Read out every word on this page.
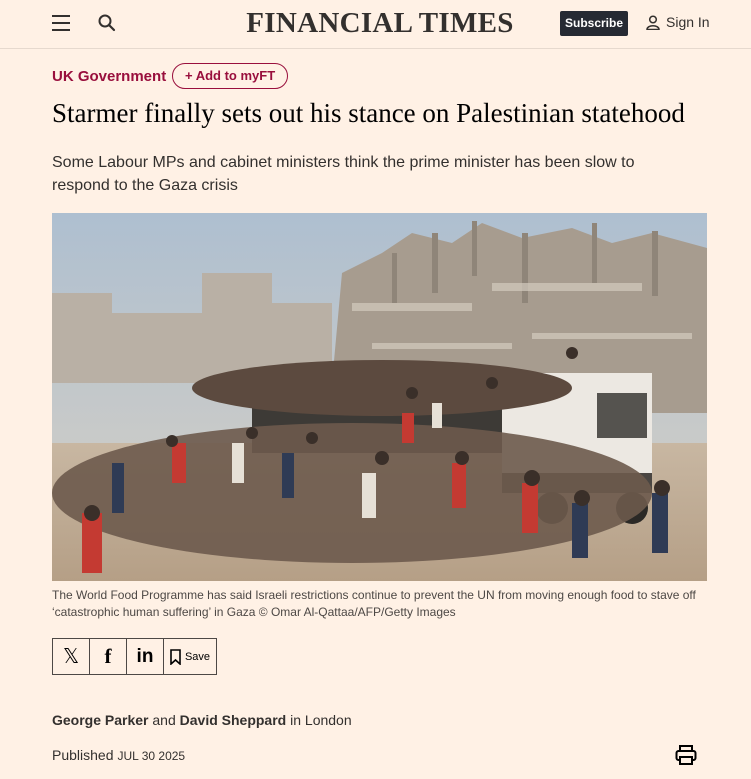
FINANCIAL TIMES	Subscribe	Sign In
UK Government	+ Add to myFT
Starmer finally sets out his stance on Palestinian statehood

Some Labour MPs and cabinet ministers think the prime minister has been slow to respond to the Gaza crisis

The World Food Programme has said Israeli restrictions continue to prevent the UN from moving enough food to stave off ‘catastrophic human suffering’ in Gaza © Omar Al-Qattaa/AFP/Getty Images

𝕏 f in	Save
George Parker and David Sheppard in London
Published JUL 30 2025
